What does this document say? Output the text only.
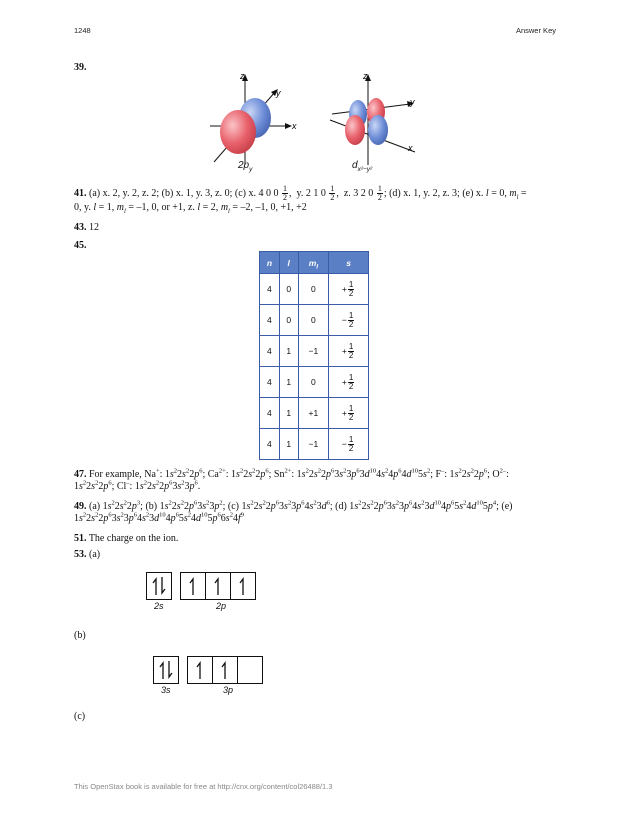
1248	Answer Key
39.
z
y
x
z
y
x
$2p_y$	$d_{x^2-y^2}$
41. (a) x. 2, y. 2, z. 2; (b) x. 1, y. 3, z. 0; (c) x. 4 0 $0 \frac{1}{2}$ ,  y. 2 1 $0 \frac{1}{2}$ ,  z. 3 2 $0 \frac{1}{2}$ ; (d) x. 1, y. 2, z. 3; (e) x. l = 0, $m_l$ =
0, y. l = 1, $m_l = -1$, 0, or +1, z. l = 2, $m_l = -2$, –1, 0, +1, +2
43. 12
45.
n	l	$m_l$	s
4	0	0	+ $\frac{1}{2}$

4	0	0	− $\frac{1}{2}$

4	1	−1	+ $\frac{1}{2}$

4	1	0	+ $\frac{1}{2}$

4	1	+1	+ $\frac{1}{2}$

4	1	−1	− $\frac{1}{2}$
47. For example, Na+: $1s^22s^22p^6$; $Ca^{2+}$: $1s^22s^22p^6$; $Sn^{2+}$: $1s^22s^22p^63s^23p^63d^{10}4s^24p^64d^{10}5s^2$; F–: $1s^22s^22p^6$; $O^{2-}$:
$1s^22s^22p^6$; Cl–: $1s^22s^22p^63s^23p^6$.
49. (a) $1s^22s^22p^3$; (b) $1s^22s^22p^63s^23p^2$; (c) $1s^22s^22p^63s^23p^64s^23d^6$; (d) $1s^22s^22p^63s^23p^64s^23d^{10}4p^65s^24d^{10}5p^4$; (e)
$1s^22s^22p^63s^23p^64s^23d^{10}4p^65s^24d^{10}5p^66s^24f^9$
51. The charge on the ion.
53. (a)
2s	2p
(b)
3s	3p
(c)
This OpenStax book is available for free at http://cnx.org/content/col26488/1.3
